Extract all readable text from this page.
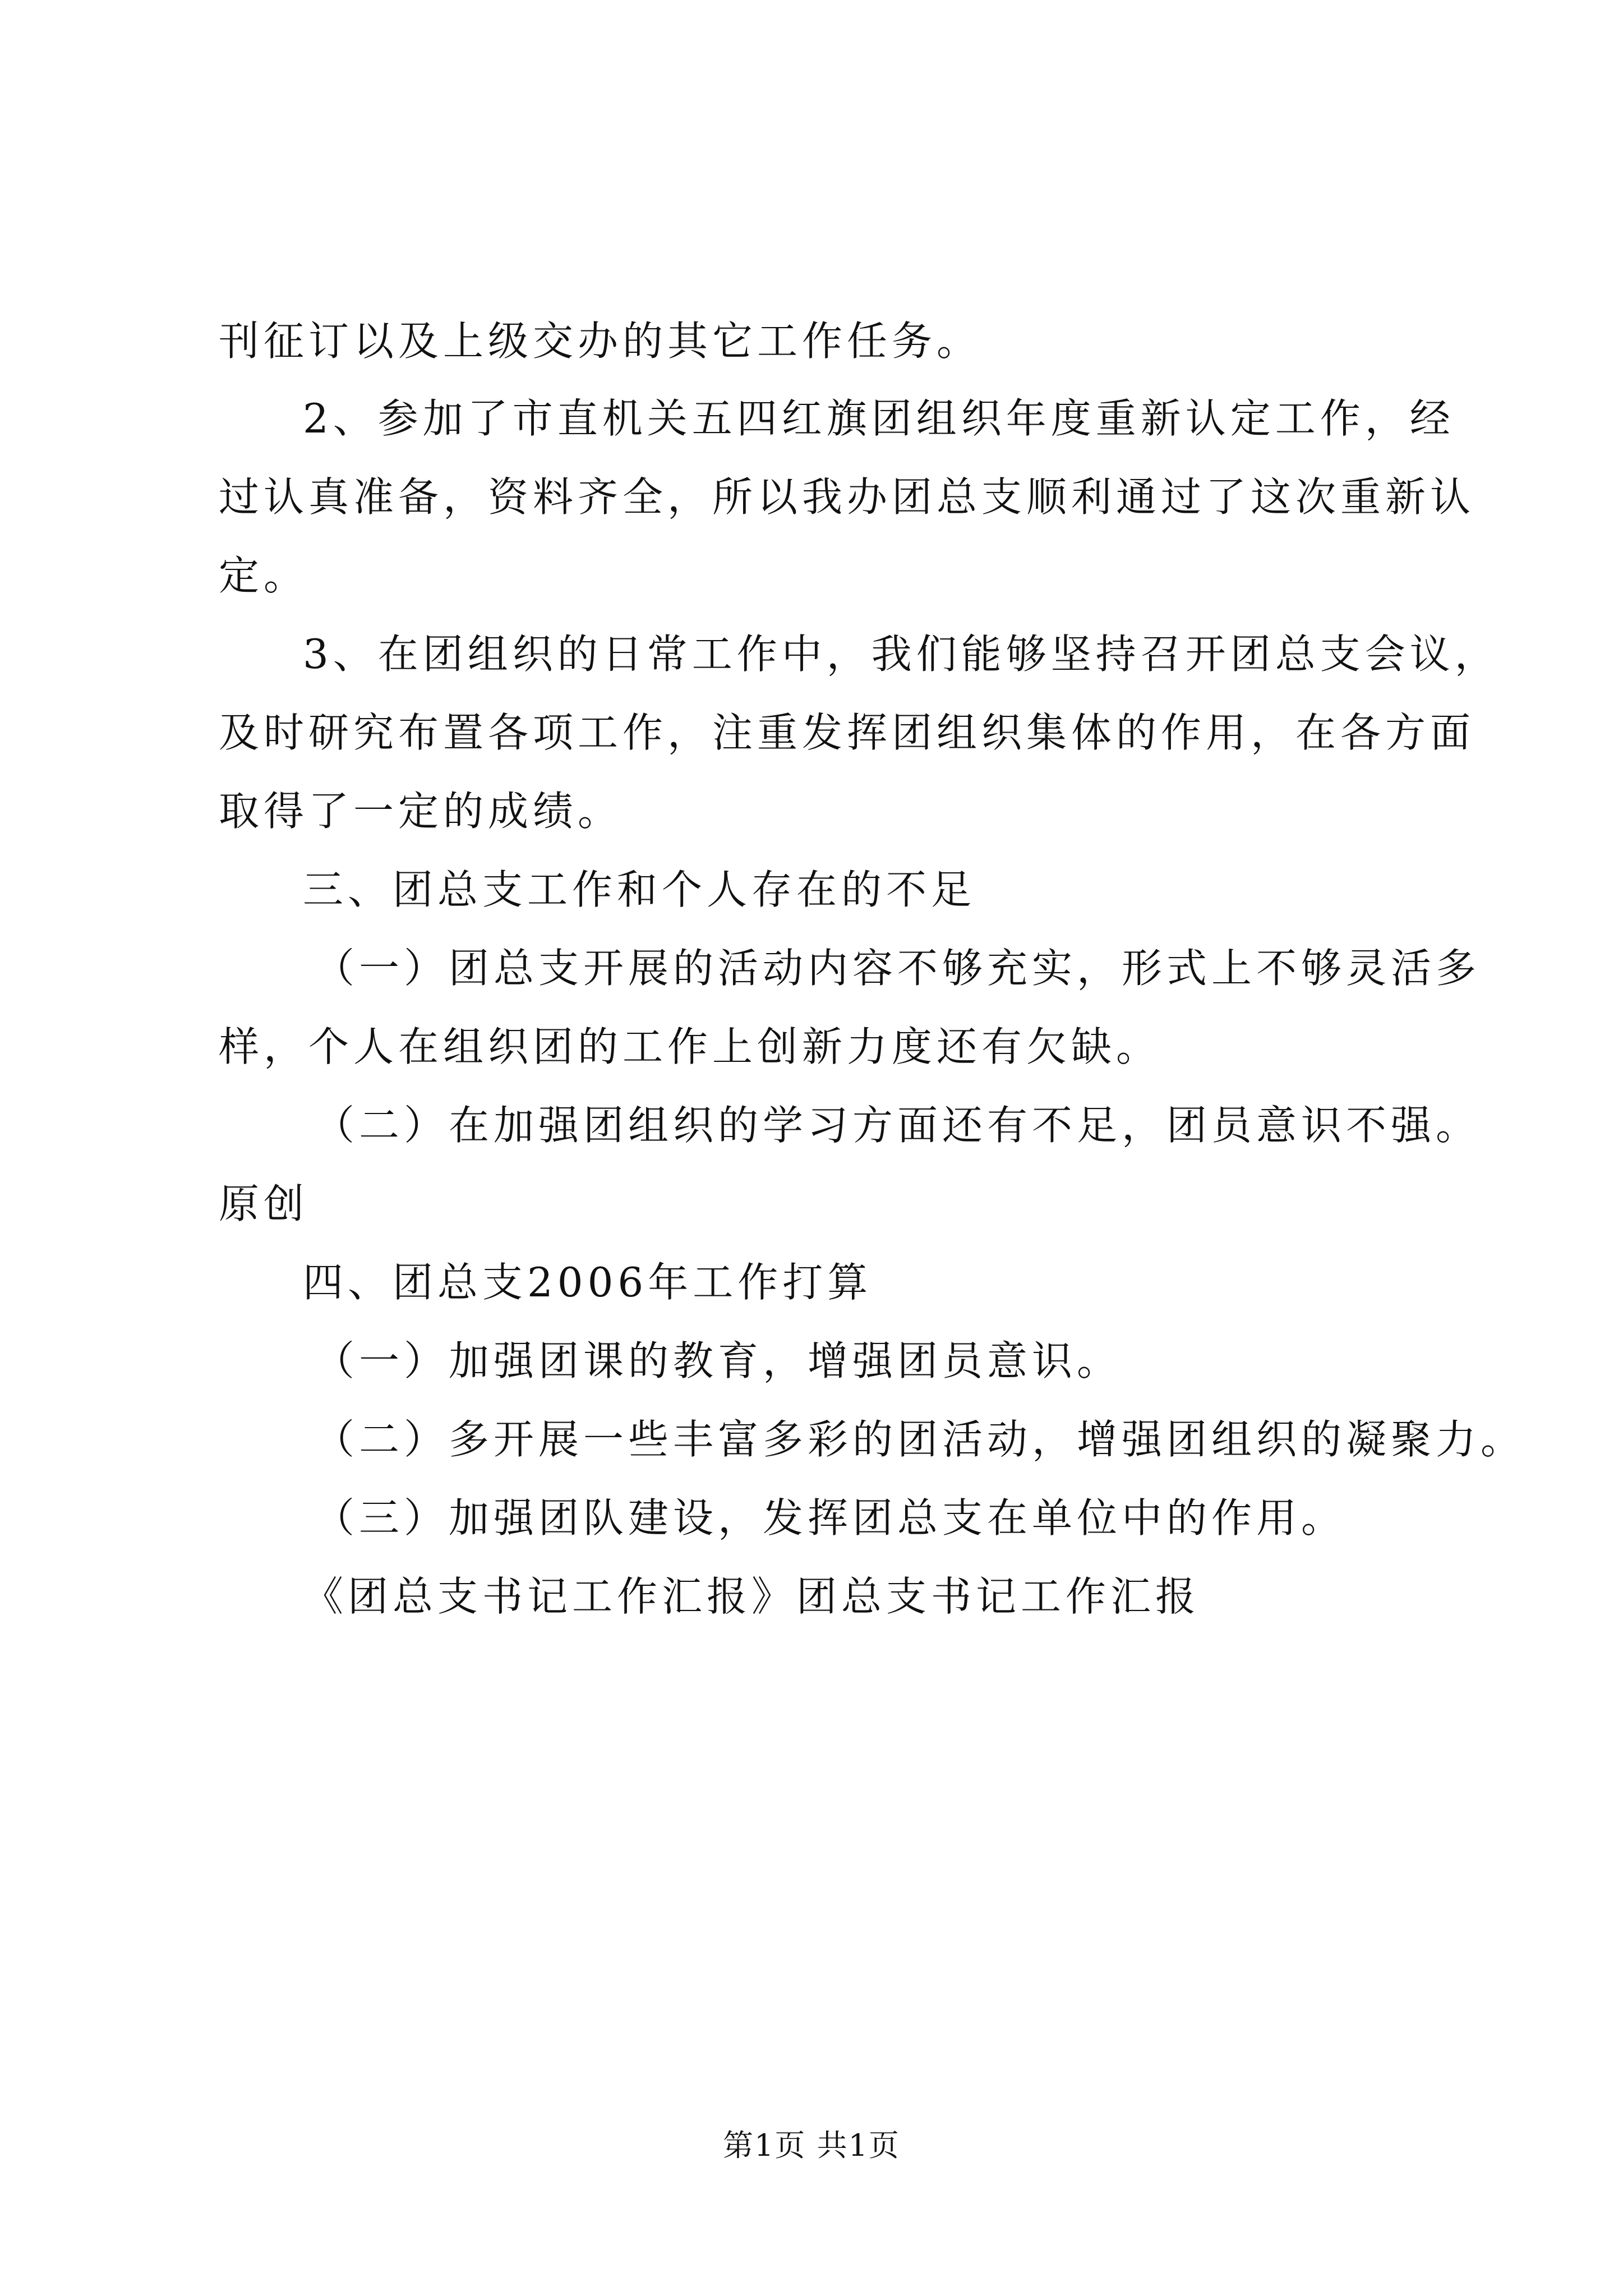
刊征订以及上级交办的其它工作任务。
2、参加了市直机关五四红旗团组织年度重新认定工作，经
过认真准备，资料齐全，所以我办团总支顺利通过了这次重新认
定。
3、在团组织的日常工作中，我们能够坚持召开团总支会议，
及时研究布置各项工作，注重发挥团组织集体的作用，在各方面
取得了一定的成绩。
三、团总支工作和个人存在的不足
（一）团总支开展的活动内容不够充实，形式上不够灵活多
样，个人在组织团的工作上创新力度还有欠缺。
（二）在加强团组织的学习方面还有不足，团员意识不强。
原创
四、团总支2006年工作打算
（一）加强团课的教育，增强团员意识。
（二）多开展一些丰富多彩的团活动，增强团组织的凝聚力。
（三）加强团队建设，发挥团总支在单位中的作用。
《团总支书记工作汇报》团总支书记工作汇报
第1页 共1页
